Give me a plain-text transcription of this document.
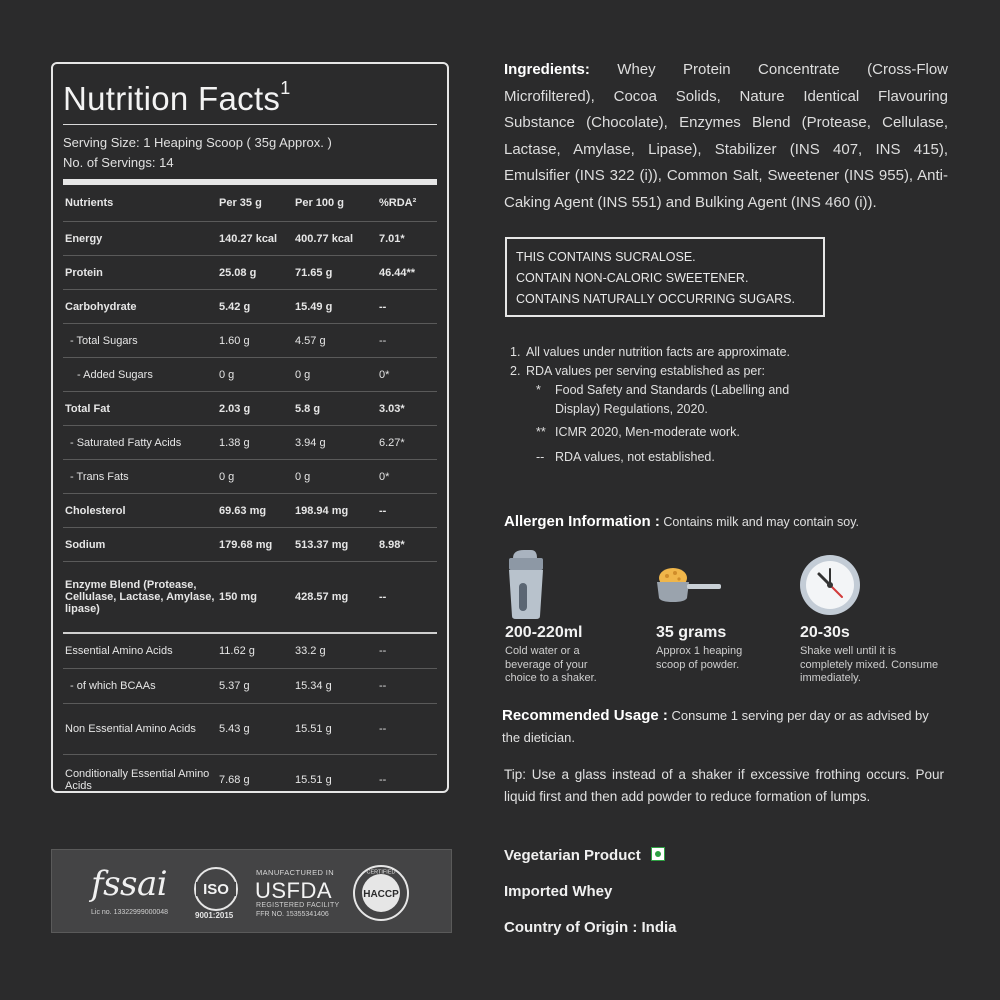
Nutrition Facts$^1$
Serving Size: 1 Heaping Scoop ( 35g Approx. )
No. of Servings: 14
Nutrients	Per 35 g	Per 100 g	%RDA²
Energy	140.27 kcal	400.77 kcal	7.01*
Protein	25.08 g	71.65 g	46.44**
Carbohydrate	5.42 g	15.49 g	--
- Total Sugars	1.60 g	4.57 g	--
- Added Sugars	0 g	0 g	0*
Total Fat	2.03 g	5.8 g	3.03*
- Saturated Fatty Acids	1.38 g	3.94 g	6.27*
- Trans Fats	0 g	0 g	0*
Cholesterol	69.63 mg	198.94 mg	--
Sodium	179.68 mg	513.37 mg	8.98*
Enzyme Blend (Protease, Cellulase, Lactase, Amylase, lipase)	150 mg	428.57 mg	--
Essential Amino Acids	11.62 g	33.2 g	--
- of which BCAAs	5.37 g	15.34 g	--
Non Essential Amino Acids	5.43 g	15.51 g	--
Conditionally Essential Amino Acids	7.68 g	15.51 g	--
Ingredients: Whey Protein Concentrate (Cross-Flow Microfiltered), Cocoa Solids, Nature Identical Flavouring Substance (Chocolate), Enzymes Blend (Protease, Cellulase, Lactase, Amylase, Lipase), Stabilizer (INS 407, INS 415), Emulsifier (INS 322 (i)), Common Salt, Sweetener (INS 955), Anti-Caking Agent (INS 551) and Bulking Agent (INS 460 (i)).
THIS CONTAINS SUCRALOSE.
CONTAIN NON-CALORIC SWEETENER.
CONTAINS NATURALLY OCCURRING SUGARS.
1. All values under nutrition facts are approximate.
2. RDA values per serving established as per:
*	Food Safety and Standards (Labelling and Display) Regulations, 2020.
** ICMR 2020, Men-moderate work.
-- RDA values, not established.
Allergen Information : Contains milk and may contain soy.
200-220ml
Cold water or a beverage of your choice to a shaker.
35 grams
Approx 1 heaping scoop of powder.
20-30s
Shake well until it is completely mixed. Consume immediately.
Recommended Usage : Consume 1 serving per day or as advised by the dietician.
Tip: Use a glass instead of a shaker if excessive frothing occurs. Pour liquid first and then add powder to reduce formation of lumps.
Vegetarian Product
Imported Whey
Country of Origin : India
fssai
Lic no. 13322999000048
ISO
9001:2015
MANUFACTURED IN
USFDA
REGISTERED FACILITY
FFR NO. 15355341406
HACCP
CERTIFIED
